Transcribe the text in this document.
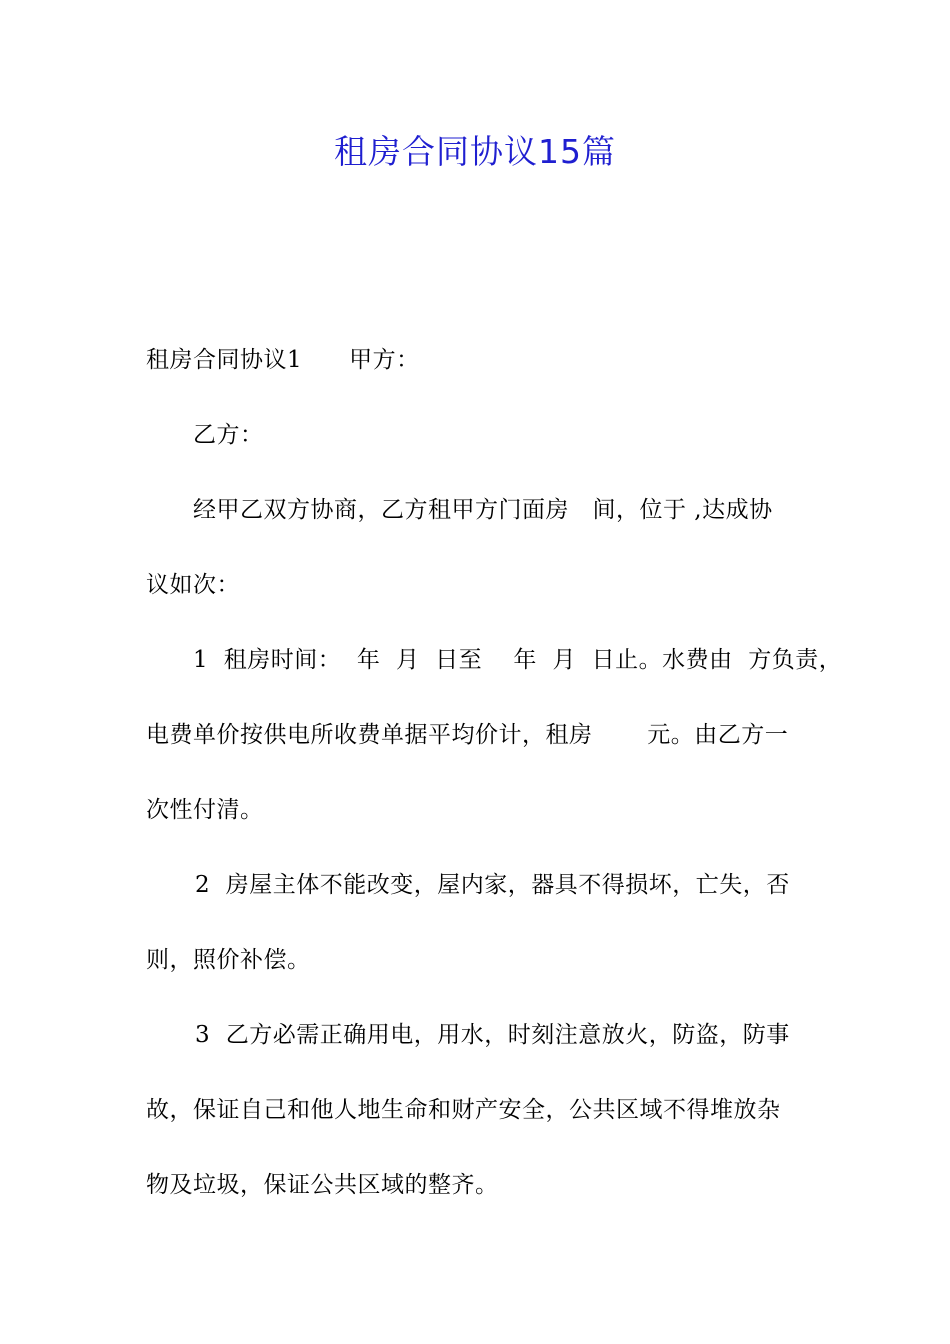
租房合同协议15篇
租房合同协议1　　甲方：
乙方：
经甲乙双方协商，乙方租甲方门面房　间，位于 ,达成协
议如次：
1  租房时间：  年  月  日至    年  月  日止。水费由  方负责，
电费单价按供电所收费单据平均价计，租房　　 元。由乙方一
次性付清。
2  房屋主体不能改变，屋内家，器具不得损坏，亡失，否
则，照价补偿。
3  乙方必需正确用电，用水，时刻注意放火，防盗，防事
故，保证自己和他人地生命和财产安全，公共区域不得堆放杂
物及垃圾，保证公共区域的整齐。
